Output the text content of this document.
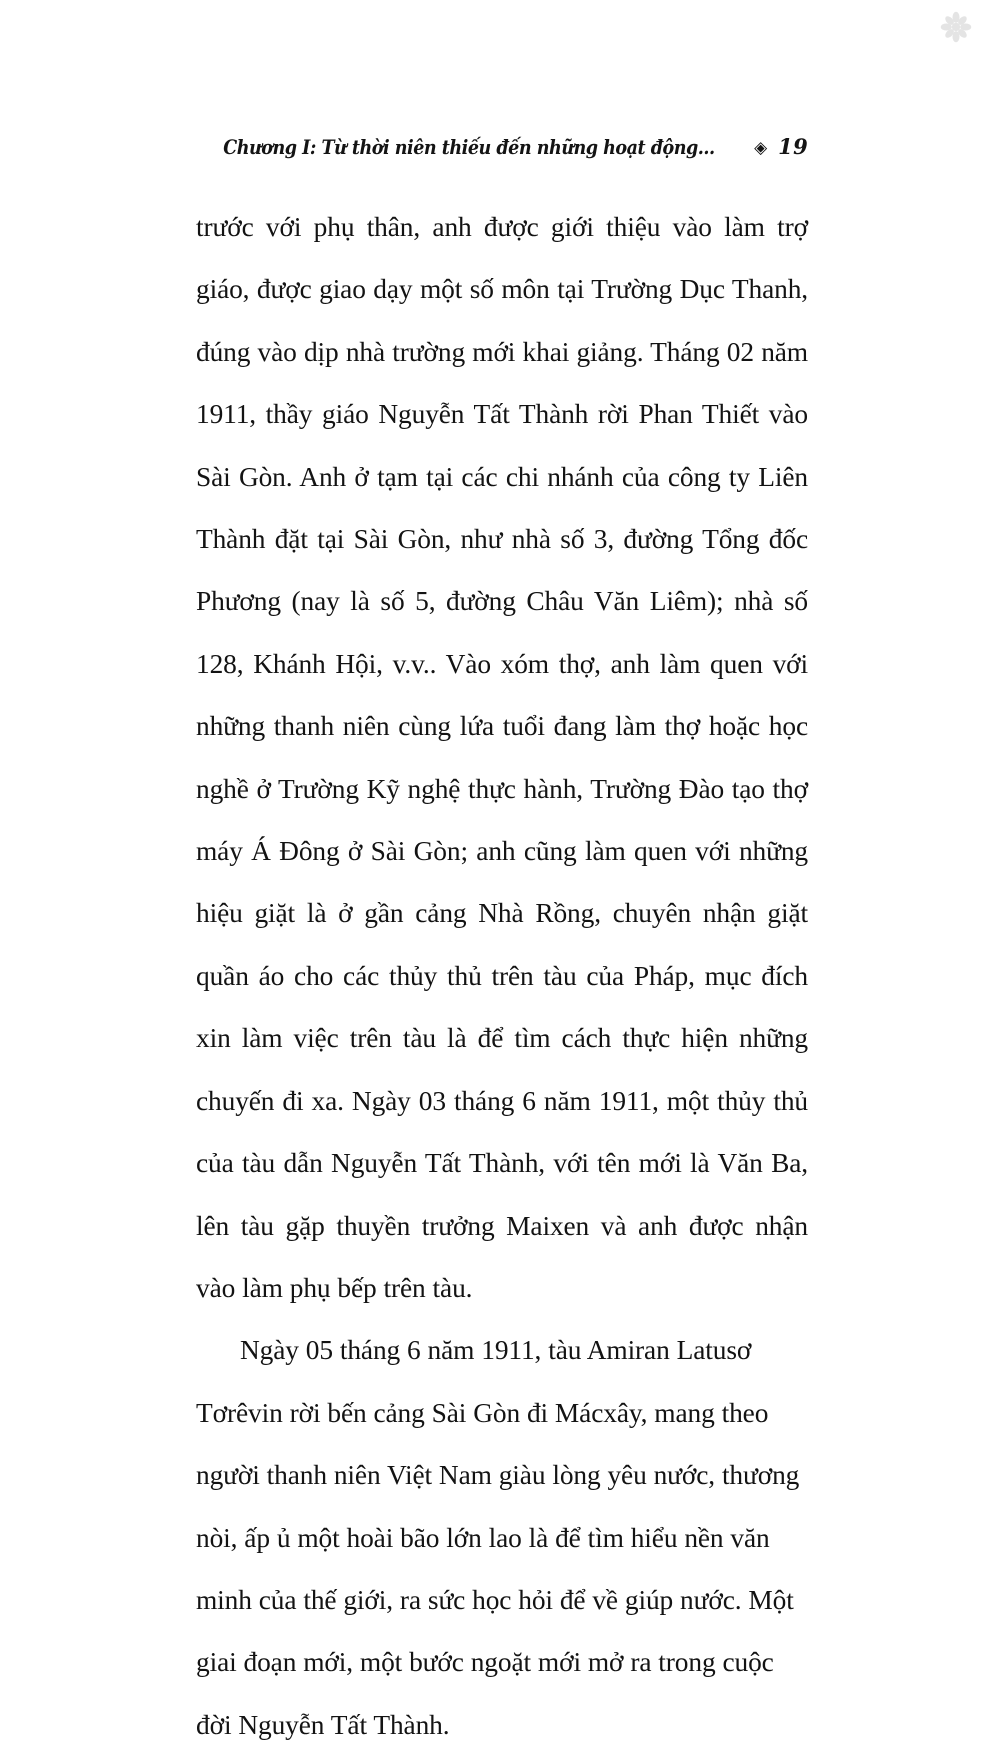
Chương I: Từ thời niên thiếu đến những hoạt động... ◈ 19

trước với phụ thân, anh được giới thiệu vào làm trợ giáo, được giao dạy một số môn tại Trường Dục Thanh, đúng vào dịp nhà trường mới khai giảng. Tháng 02 năm 1911, thầy giáo Nguyễn Tất Thành rời Phan Thiết vào Sài Gòn. Anh ở tạm tại các chi nhánh của công ty Liên Thành đặt tại Sài Gòn, như nhà số 3, đường Tổng đốc Phương (nay là số 5, đường Châu Văn Liêm); nhà số 128, Khánh Hội, v.v.. Vào xóm thợ, anh làm quen với những thanh niên cùng lứa tuổi đang làm thợ hoặc học nghề ở Trường Kỹ nghệ thực hành, Trường Đào tạo thợ máy Á Đông ở Sài Gòn; anh cũng làm quen với những hiệu giặt là ở gần cảng Nhà Rồng, chuyên nhận giặt quần áo cho các thủy thủ trên tàu của Pháp, mục đích xin làm việc trên tàu là để tìm cách thực hiện những chuyến đi xa. Ngày 03 tháng 6 năm 1911, một thủy thủ của tàu dẫn Nguyễn Tất Thành, với tên mới là Văn Ba, lên tàu gặp thuyền trưởng Maixen và anh được nhận vào làm phụ bếp trên tàu.

Ngày 05 tháng 6 năm 1911, tàu Amiran Latusơ Tơrêvin rời bến cảng Sài Gòn đi Mácxây, mang theo người thanh niên Việt Nam giàu lòng yêu nước, thương nòi, ấp ủ một hoài bão lớn lao là để tìm hiểu nền văn minh của thế giới, ra sức học hỏi để về giúp nước. Một giai đoạn mới, một bước ngoặt mới mở ra trong cuộc đời Nguyễn Tất Thành.
